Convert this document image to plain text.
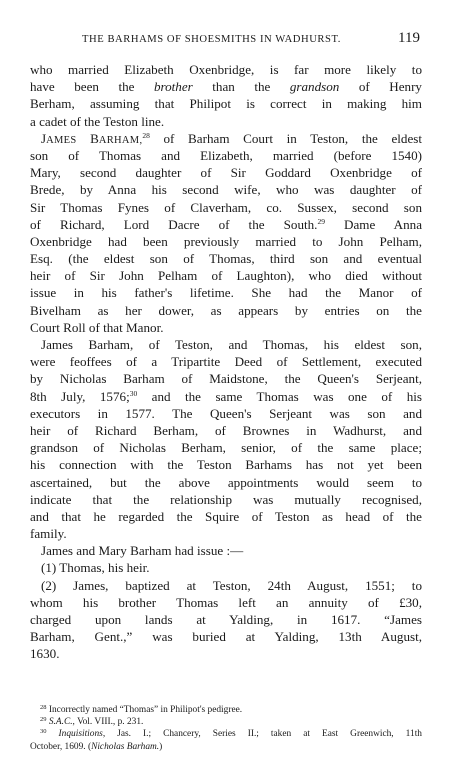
THE BARHAMS OF SHOESMITHS IN WADHURST.	119
who married Elizabeth Oxenbridge, is far more likely to
have been the brother than the grandson of Henry
Berham, assuming that Philipot is correct in making him
a cadet of the Teston line.
JAMES BARHAM,$^{28}$ of Barham Court in Teston, the eldest
son of Thomas and Elizabeth, married (before 1540)
Mary, second daughter of Sir Goddard Oxenbridge of
Brede, by Anna his second wife, who was daughter of
Sir Thomas Fynes of Claverham, co. Sussex, second son
of Richard, Lord Dacre of the South.$^{29}$ Dame Anna
Oxenbridge had been previously married to John Pelham,
Esq. (the eldest son of Thomas, third son and eventual
heir of Sir John Pelham of Laughton), who died without
issue in his father's lifetime. She had the Manor of
Bivelham as her dower, as appears by entries on the
Court Roll of that Manor.
James Barham, of Teston, and Thomas, his eldest son,
were feoffees of a Tripartite Deed of Settlement, executed
by Nicholas Barham of Maidstone, the Queen's Serjeant,
8th July, 1576;$^{30}$ and the same Thomas was one of his
executors in 1577. The Queen's Serjeant was son and
heir of Richard Berham, of Brownes in Wadhurst, and
grandson of Nicholas Berham, senior, of the same place;
his connection with the Teston Barhams has not yet been
ascertained, but the above appointments would seem to
indicate that the relationship was mutually recognised,
and that he regarded the Squire of Teston as head of the
family.
James and Mary Barham had issue :—
(1) Thomas, his heir.
(2) James, baptized at Teston, 24th August, 1551; to
whom his brother Thomas left an annuity of £30,
charged upon lands at Yalding, in 1617. “James
Barham, Gent.,” was buried at Yalding, 13th August,
1630.
$^{28}$ Incorrectly named “Thomas” in Philipot's pedigree.
$^{29}$ S.A.C., Vol. VIII., p. 231.
$^{30}$ Inquisitions, Jas. I.; Chancery, Series II.; taken at East Greenwich, 11th
October, 1609. (Nicholas Barham.)
